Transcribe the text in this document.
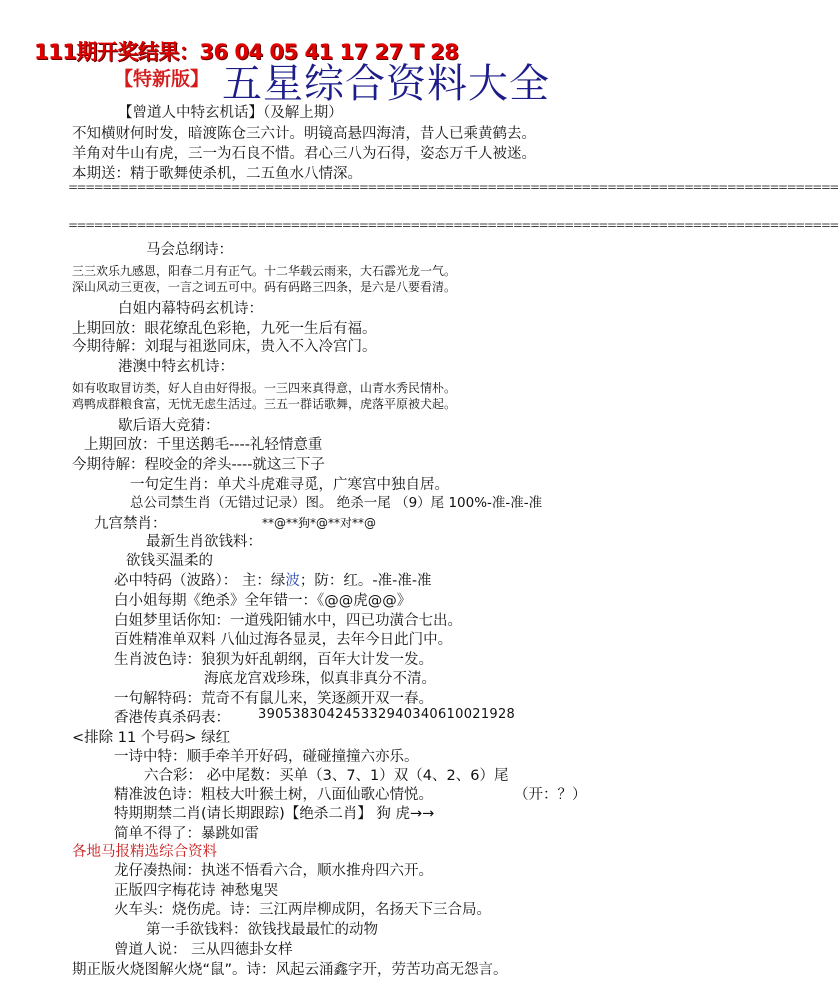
111期开奖结果：36 04 05 41 17 27 T 28
【特新版】 五星综合资料大全
【曾道人中特玄机话】（及解上期）
不知横财何时发，暗渡陈仓三六计。明镜高悬四海清，昔人已乘黄鹤去。
羊角对牛山有虎，三一为石良不惜。君心三八为石得，姿态万千人被迷。
本期送：精于歌舞使杀机，二五鱼水八情深。
==========================================================================================
==========================================================================================
马会总纲诗：
三三欢乐九感恩，阳春二月有正气。十二华载云雨来，大石霹光龙一气。
深山风动三更夜，一言之词五可中。码有码路三四条，是六是八要看清。
白姐内幕特码玄机诗：
上期回放：眼花缭乱色彩艳，九死一生后有福。
今期待解：刘琨与祖逖同床，贵入不入冷宫门。
港澳中特玄机诗：
如有收取冒访类，好人自由好得报。一三四来真得意，山青水秀民情朴。
鸡鸭成群粮食富，无忧无虑生活过。三五一群话歌舞，虎落平原被犬起。
歇后语大竞猜：
上期回放：千里送鹅毛----礼轻情意重
今期待解：程咬金的斧头----就这三下子
一句定生肖：单犬斗虎难寻觅，广寒宫中独自居。
总公司禁生肖（无错过记录）图。 绝杀一尾 （9）尾 100%-准-准-准
九宫禁肖：	**@**狗*@**对**@
最新生肖欲钱料：
欲钱买温柔的
必中特码（波路）： 主：绿波；防：红。-准-准-准
白小姐每期《绝杀》全年错一：《@@虎@@》
白姐梦里话你知：一道残阳铺水中，四已功潢合七出。
百姓精准单双料 八仙过海各显灵，去年今日此门中。
生肖波色诗：狼狈为奸乱朝纲，百年大计发一发。
海底龙宫戏珍珠，似真非真分不清。
一句解特码：荒奇不有鼠儿来，笑逐颜开双一春。
香港传真杀码表： 3905383042453329403406100219​28
<排除 11 个号码> 绿红
一诗中特：顺手牵羊开好码，碰碰撞撞六亦乐。
六合彩： 必中尾数：买单（3、7、1）双（4、2、6）尾
精准波色诗：粗枝大叶猴土树，八面仙歌心情悦。	（开：？）
特期期禁二肖(请长期跟踪)【绝杀二肖】 狗 虎→→
简单不得了：暴跳如雷
各地马报精选综合资料
龙仔凑热闹：执迷不悟看六合，顺水推舟四六开。
正版四字梅花诗 神愁鬼哭
火车头：烧伤虎。诗：三江两岸柳成阴，名扬天下三合局。
第一手欲钱料：欲钱找最最忙的动物
曾道人说： 三从四德卦女样
期正版火烧图解火烧“鼠”。诗：风起云涌鑫字开，劳苦功高无怨言。
